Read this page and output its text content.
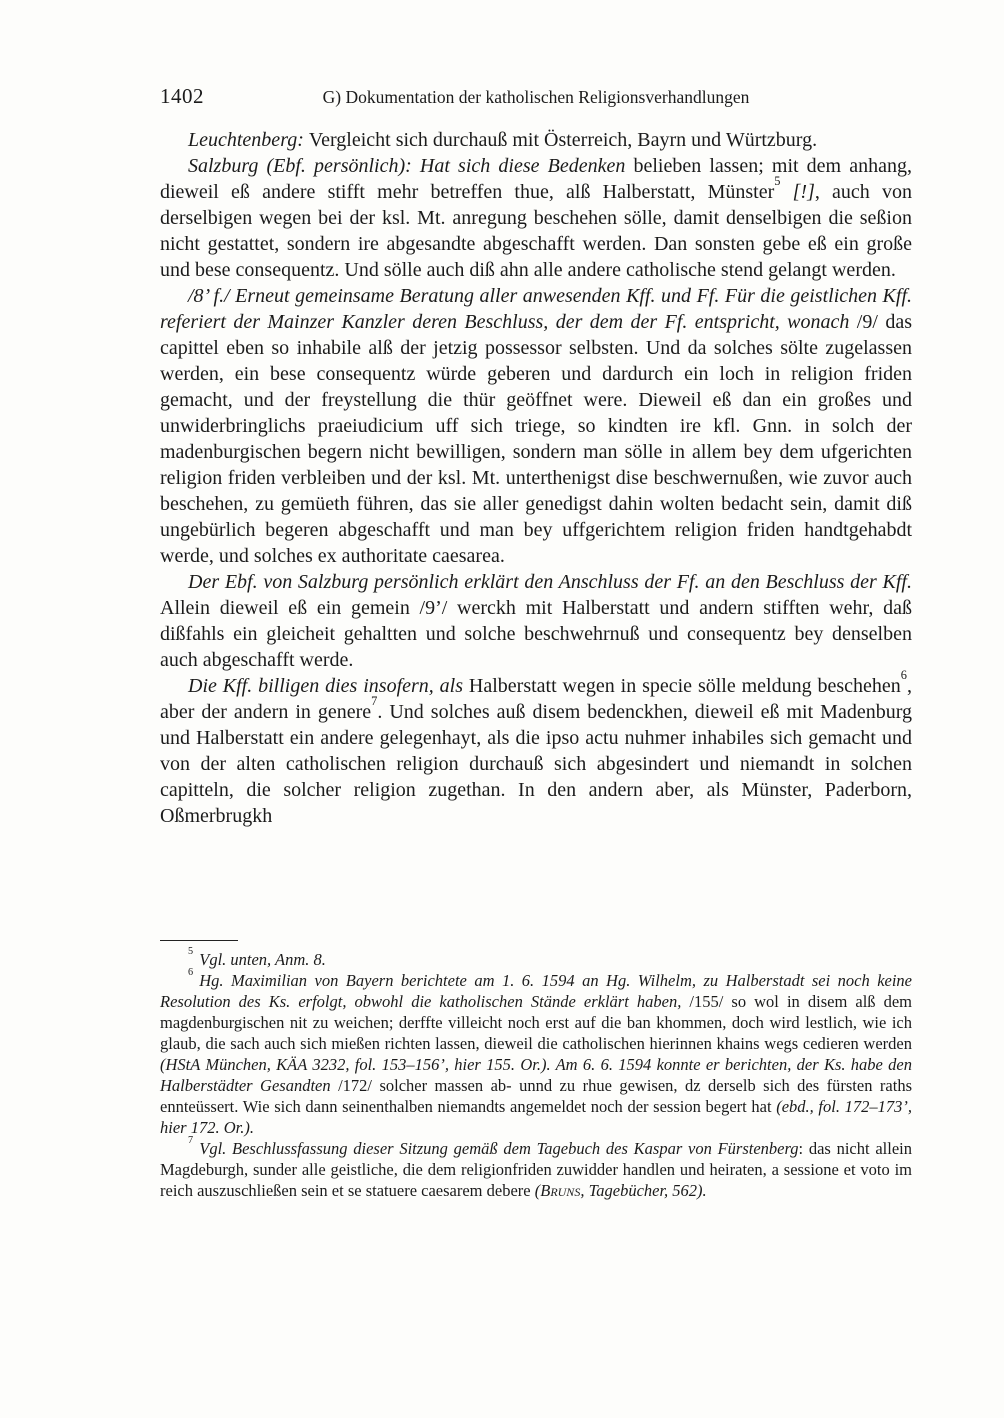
1402	G) Dokumentation der katholischen Religionsverhandlungen

Leuchtenberg: Vergleicht sich durchauß mit Österreich, Bayrn und Würtzburg.

Salzburg (Ebf. persönlich): Hat sich diese Bedenken belieben lassen; mit dem anhang, dieweil eß andere stifft mehr betreffen thue, alß Halberstatt, Münster$^5$ [!], auch von derselbigen wegen bei der ksl. Mt. anregung beschehen sölle, damit denselbigen die seßion nicht gestattet, sondern ire abgesandte abgeschafft werden. Dan sonsten gebe eß ein große und bese consequentz. Und sölle auch diß ahn alle andere catholische stend gelangt werden.

/8’ f./ Erneut gemeinsame Beratung aller anwesenden Kff. und Ff. Für die geistlichen Kff. referiert der Mainzer Kanzler deren Beschluss, der dem der Ff. entspricht, wonach /9/ das capittel eben so inhabile alß der jetzig possessor selbsten. Und da solches sölte zugelassen werden, ein bese consequentz würde geberen und dardurch ein loch in religion friden gemacht, und der freystellung die thür geöffnet were. Dieweil eß dan ein großes und unwiderbringlichs praeiudicium uff sich triege, so kindten ire kfl. Gnn. in solch der madenburgischen begern nicht bewilligen, sondern man sölle in allem bey dem ufgerichten religion friden verbleiben und der ksl. Mt. unterthenigst dise beschwernußen, wie zuvor auch beschehen, zu gemüeth führen, das sie aller genedigst dahin wolten bedacht sein, damit diß ungebürlich begeren abgeschafft und man bey uffgerichtem religion friden handtgehabdt werde, und solches ex authoritate caesarea.

Der Ebf. von Salzburg persönlich erklärt den Anschluss der Ff. an den Beschluss der Kff. Allein dieweil eß ein gemein /9’/ werckh mit Halberstatt und andern stifften wehr, daß dißfahls ein gleicheit gehaltten und solche beschwehrnuß und consequentz bey denselben auch abgeschafft werde.

Die Kff. billigen dies insofern, als Halberstatt wegen in specie sölle meldung beschehen$^6$, aber der andern in genere$^7$. Und solches auß disem bedenckhen, dieweil eß mit Madenburg und Halberstatt ein andere gelegenhayt, als die ipso actu nuhmer inhabiles sich gemacht und von der alten catholischen religion durchauß sich abgesindert und niemandt in solchen capitteln, die solcher religion zugethan. In den andern aber, als Münster, Paderborn, Oßmerbrugkh

$^5$ Vgl. unten, Anm. 8.

$^6$ Hg. Maximilian von Bayern berichtete am 1. 6. 1594 an Hg. Wilhelm, zu Halberstadt sei noch keine Resolution des Ks. erfolgt, obwohl die katholischen Stände erklärt haben, /155/ so wol in disem alß dem magdenburgischen nit zu weichen; derffte villeicht noch erst auf die ban khommen, doch wird lestlich, wie ich glaub, die sach auch sich mießen richten lassen, dieweil die catholischen hierinnen khains wegs cedieren werden (HStA München, KÄA 3232, fol. 153–156’, hier 155. Or.). Am 6. 6. 1594 konnte er berichten, der Ks. habe den Halberstädter Gesandten /172/ solcher massen ab- unnd zu rhue gewisen, dz derselb sich des fürsten raths ennteüssert. Wie sich dann seinenthalben niemandts angemeldet noch der session begert hat (ebd., fol. 172–173’, hier 172. Or.).

$^7$ Vgl. Beschlussfassung dieser Sitzung gemäß dem Tagebuch des Kaspar von Fürstenberg: das nicht allein Magdeburgh, sunder alle geistliche, die dem religionfriden zuwidder handlen und heiraten, a sessione et voto im reich auszuschließen sein et se statuere caesarem debere (Bruns, Tagebücher, 562).
